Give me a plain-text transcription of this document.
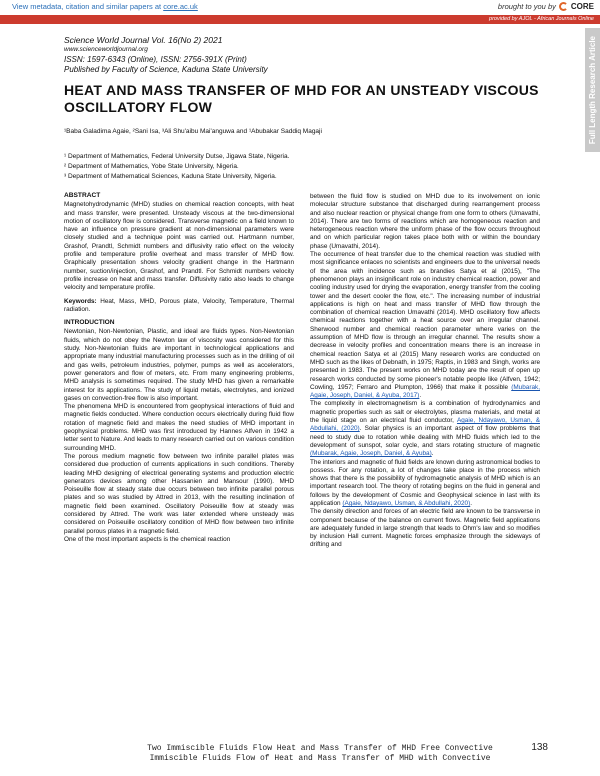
View metadata, citation and similar papers at core.ac.uk	brought to you by CORE
provided by AJOL - African Journals Online
Full Length Research Article
Science World Journal Vol. 16(No 2) 2021
www.scienceworldjournal.org
ISSN: 1597-6343 (Online), ISSN: 2756-391X (Print)
Published by Faculty of Science, Kaduna State University
HEAT AND MASS TRANSFER OF MHD FOR AN UNSTEADY VISCOUS OSCILLATORY FLOW
¹Baba Galadima Agaie, ²Sani Isa, ³Ali Shu'aibu Mai'anguwa and ¹Abubakar Saddiq Magaji
¹ Department of Mathematics, Federal University Dutse, Jigawa State, Nigeria.
² Department of Mathematics, Yobe State University, Nigeria.
³ Department of Mathematical Sciences, Kaduna State University, Nigeria.

ABSTRACT

Magnetohydrodynamic (MHD) studies on chemical reaction concepts, with heat and mass transfer, were presented. Unsteady viscous at the two-dimensional motion of oscillatory flow is considered. Transverse magnetic on a field known to have an influence on pressure gradient at non-dimensional parameters were closely studied and a technique point was carried out. Hartmann number, Grashof, Prandtl, Schmidt numbers and diffusivity ratio effect on the velocity profile and temperature profile overheat and mass transfer of MHD flow. Graphically presentation shows velocity gradient change in the Hartmann number, suction/injection, Grashof, and Prandtl. For Schmidt numbers velocity profile increase on heat and mass transfer. Diffusivity ratio also leads to change velocity and temperature profile.

Keywords: Heat, Mass, MHD, Porous plate, Velocity, Temperature, Thermal radiation.

INTRODUCTION

Newtonian, Non-Newtonian, Plastic, and ideal are fluids types. Non-Newtonian fluids, which do not obey the Newton law of viscosity was considered for this study. Non-Newtonian fluids are important in technological applications and appropriate many industrial manufacturing processes such as in the drilling of oil and gas wells, petroleum industries, polymer, pumps as well as accelerators, power generators and flow of meters, etc. From many engineering problems, MHD analysis is sometimes required. The study MHD has given a remarkable interest for its applications. The study of liquid metals, electrolytes, and ionized gases on convection-free flow is also important.

The phenomena MHD is encountered from geophysical interactions of fluid and magnetic fields conducted. Where conduction occurs electrically during fluid flow rotation of magnetic field and makes the need studies of MHD important in geophysical problems. MHD was first introduced by Hannes Alfven in 1942 a letter sent to Nature. And leads to many research carried out on various condition surrounding MHD.

The porous medium magnetic flow between two infinite parallel plates was considered due production of currents applications in such conditions. Thereby leading MHD designing of electrical generating systems and production electric generators devices among other Hassanien and Mansour (1990). MHD Poiseuille flow at steady state due occurs between two infinite parallel porous plates and so was studied by Attred in 2013, with the resulting inclination of magnetic field been examined. Oscillatory Poiseuille flow at steady was considered by Attred. The work was later extended where unsteady was considered on Poiseuille oscillatory condition of MHD flow between two infinite parallel porous plates in a magnetic field.

One of the most important aspects is the chemical reaction

between the fluid flow is studied on MHD due to its involvement on ionic molecular structure substance that discharged during rearrangement process and also nuclear reaction or physical change from one form to others (Umavathi, 2014). There are two forms of reactions which are homogeneous reaction and heterogeneous reaction where the uniform phase of the flow occurs throughout and on which particular region takes place both with or within the boundary phase (Umavathi, 2014).

The occurrence of heat transfer due to the chemical reaction was studied with most significance enlaces no scientists and engineers due to the universal needs of the area with incidence such as brandies Satya et al (2015), "The phenomenon plays an insignificant role on industry chemical reaction, power and cooling industry used for drying the evaporation, energy transfer from the cooling tower and the desert cooler the flow, etc.". The increasing number of industrial applications is high on heat and mass transfer of MHD flow through the combination of chemical reaction Umavathi (2014). MHD oscillatory flow affects chemical reactions together with a heat source over an irregular channel. Sherwood number and chemical reaction parameter where varies on the assumption of MHD flow is through an irregular channel. The results show a decrease in velocity profiles and concentration means there is an increase in chemical reaction Satya et al (2015) Many research works are conducted on MHD such as the likes of Debnath, in 1975; Raptis, in 1983 and Singh, works are presented in 1983. The present works on MHD today are the result of open up research works conducted by some pioneer's notable people like (Alfven, 1942; Cowling, 1957; Ferraro and Plumpton, 1966) that make it possible (Mubarak, Agaie, Joseph, Daniel, & Ayuba, 2017).

The complexity in electromagnetism is a combination of hydrodynamics and magnetic properties such as salt or electrolytes, plasma materials, and metal at the liquid stage on an electrical fluid conductor, Agaie, Ndayawo, Usman, & Abdullahi, (2020). Solar physics is an important aspect of flow problems that need to study due to rotation while dealing with MHD fluids which led to the development of sunspot, solar cycle, and stars rotating structure of magnetic (Mubarak, Agaie, Joseph, Daniel, & Ayuba).

The interiors and magnetic of fluid fields are known during astronomical bodies to possess. For any rotation, a lot of changes take place in the process which shows that there is the possibility of hydromagnetic analysis of MHD which is an important research tool. The theory of rotating begins on the fluid in general and follows by the development of Cosmic and Geophysical science in last with its application (Agaie, Ndayawo, Usman, & Abdullahi, 2020).

The density direction and forces of an electric field are known to be transverse in component because of the balance on current flows. Magnetic field applications are adequately funded in large strength that leads to Ohm's law and so modifies by inclusion Hall current. Magnetic forces emphasize through the sideways of drifting and

Two Immiscible Fluids Flow Heat and Mass Transfer of MHD Free Convective
Immiscible Fluids Flow of Heat and Mass Transfer of MHD with Convective
138
